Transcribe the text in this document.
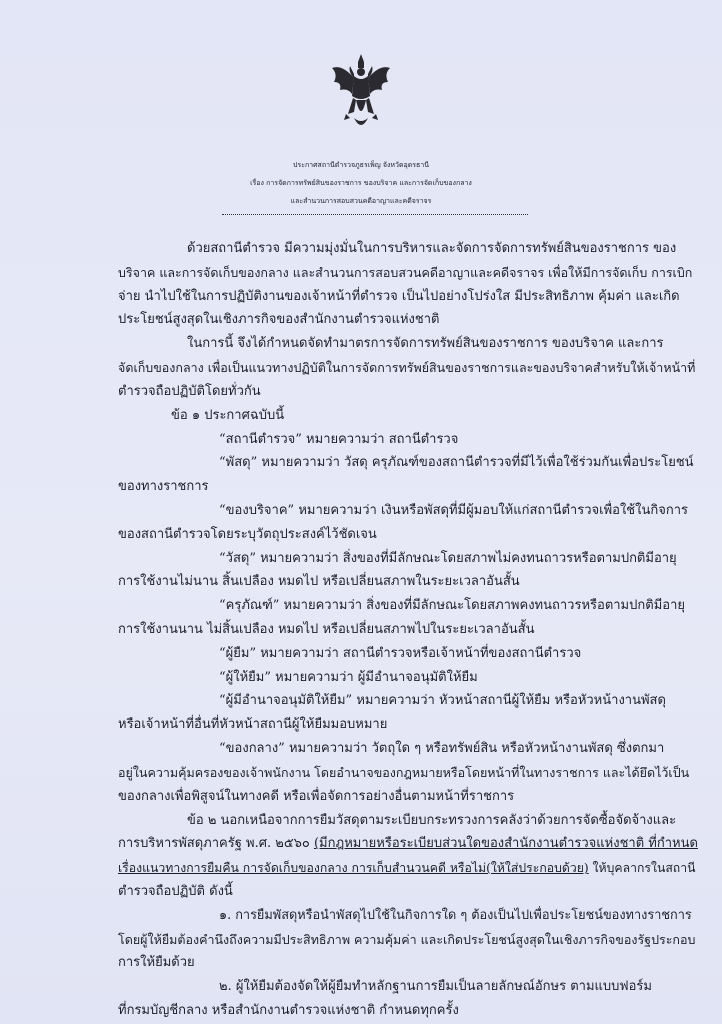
ประกาศสถานีตำรวจภูธรเพ็ญ จังหวัดอุดรธานี
เรื่อง การจัดการทรัพย์สินของราชการ ของบริจาค และการจัดเก็บของกลาง
และสำนวนการสอบสวนคดีอาญาและคดีจราจร
ด้วยสถานีตำรวจ มีความมุ่งมั่นในการบริหารและจัดการจัดการทรัพย์สินของราชการ ของ
บริจาค และการจัดเก็บของกลาง และสำนวนการสอบสวนคดีอาญาและคดีจราจร เพื่อให้มีการจัดเก็บ การเบิก
จ่าย นำไปใช้ในการปฏิบัติงานของเจ้าหน้าที่ตำรวจ เป็นไปอย่างโปร่งใส มีประสิทธิภาพ คุ้มค่า และเกิด
ประโยชน์สูงสุดในเชิงภารกิจของสำนักงานตำรวจแห่งชาติ
ในการนี้ จึงได้กำหนดจัดทำมาตรการจัดการทรัพย์สินของราชการ ของบริจาค และการ
จัดเก็บของกลาง เพื่อเป็นแนวทางปฏิบัติในการจัดการทรัพย์สินของราชการและของบริจาคสำหรับให้เจ้าหน้าที่
ตำรวจถือปฏิบัติโดยทั่วกัน
ข้อ ๑ ประกาศฉบับนี้
“สถานีตำรวจ” หมายความว่า สถานีตำรวจ
“พัสดุ” หมายความว่า วัสดุ ครุภัณฑ์ของสถานีตำรวจที่มีไว้เพื่อใช้ร่วมกันเพื่อประโยชน์
ของทางราชการ
“ของบริจาค” หมายความว่า เงินหรือพัสดุที่มีผู้มอบให้แก่สถานีตำรวจเพื่อใช้ในกิจการ
ของสถานีตำรวจโดยระบุวัตถุประสงค์ไว้ชัดเจน
“วัสดุ” หมายความว่า สิ่งของที่มีลักษณะโดยสภาพไม่คงทนถาวรหรือตามปกติมีอายุ
การใช้งานไม่นาน สิ้นเปลือง หมดไป หรือเปลี่ยนสภาพในระยะเวลาอันสั้น
“ครุภัณฑ์” หมายความว่า สิ่งของที่มีลักษณะโดยสภาพคงทนถาวรหรือตามปกติมีอายุ
การใช้งานนาน ไม่สิ้นเปลือง หมดไป หรือเปลี่ยนสภาพไปในระยะเวลาอันสั้น
“ผู้ยืม” หมายความว่า สถานีตำรวจหรือเจ้าหน้าที่ของสถานีตำรวจ
“ผู้ให้ยืม” หมายความว่า ผู้มีอำนาจอนุมัติให้ยืม
“ผู้มีอำนาจอนุมัติให้ยืม” หมายความว่า หัวหน้าสถานีผู้ให้ยืม หรือหัวหน้างานพัสดุ
หรือเจ้าหน้าที่อื่นที่หัวหน้าสถานีผู้ให้ยืมมอบหมาย
“ของกลาง” หมายความว่า วัตถุใด ๆ หรือทรัพย์สิน หรือหัวหน้างานพัสดุ ซึ่งตกมา
อยู่ในความคุ้มครองของเจ้าพนักงาน โดยอำนาจของกฎหมายหรือโดยหน้าที่ในทางราชการ และได้ยึดไว้เป็น
ของกลางเพื่อพิสูจน์ในทางคดี หรือเพื่อจัดการอย่างอื่นตามหน้าที่ราชการ
ข้อ ๒ นอกเหนือจากการยืมวัสดุตามระเบียบกระทรวงการคลังว่าด้วยการจัดซื้อจัดจ้างและ
การบริหารพัสดุภาครัฐ พ.ศ. ๒๕๖๐ (มีกฎหมายหรือระเบียบส่วนใดของสำนักงานตำรวจแห่งชาติ ที่กำหนด
เรื่องแนวทางการยืมคืน การจัดเก็บของกลาง การเก็บสำนวนคดี หรือไม่(ให้ใส่ประกอบด้วย) ให้บุคลากรในสถานี
ตำรวจถือปฏิบัติ ดังนี้
๑. การยืมพัสดุหรือนำพัสดุไปใช้ในกิจการใด ๆ ต้องเป็นไปเพื่อประโยชน์ของทางราชการ
โดยผู้ให้ยืมต้องคำนึงถึงความมีประสิทธิภาพ ความคุ้มค่า และเกิดประโยชน์สูงสุดในเชิงภารกิจของรัฐประกอบ
การให้ยืมด้วย
๒. ผู้ให้ยืมต้องจัดให้ผู้ยืมทำหลักฐานการยืมเป็นลายลักษณ์อักษร ตามแบบฟอร์ม
ที่กรมบัญชีกลาง หรือสำนักงานตำรวจแห่งชาติ กำหนดทุกครั้ง
